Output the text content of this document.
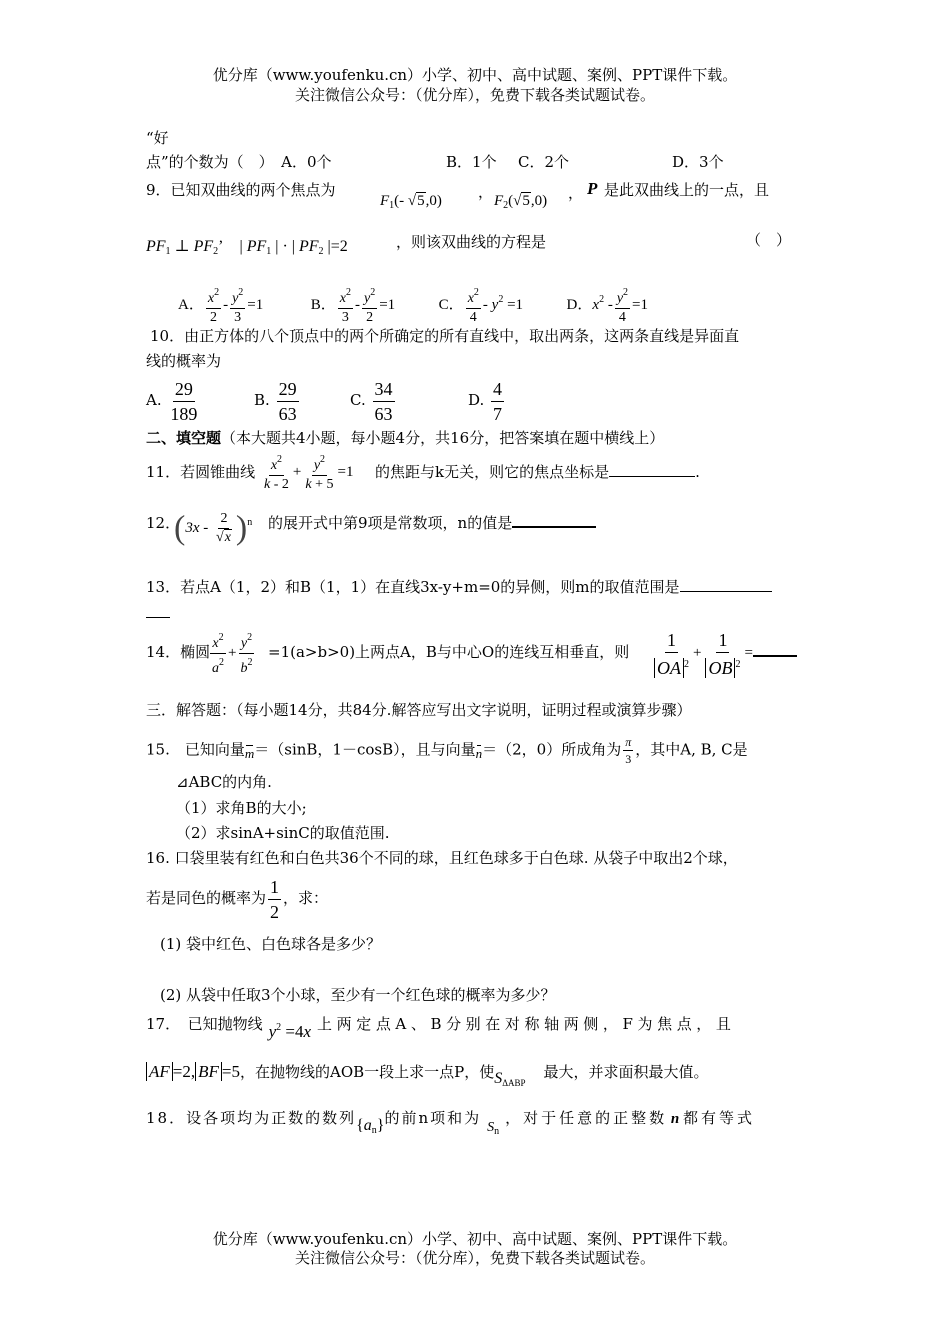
优分库（www.youfenku.cn）小学、初中、高中试题、案例、PPT课件下载。
关注微信公众号：（优分库），免费下载各类试题试卷。
“好
点”的个数为（　）　A．0个	B．1个 C．2个	D．3个
9．已知双曲线的两个焦点为
$F_1(-$ √5,0) ， $F_2(√5,0)$ ， P 是此双曲线上的一点，且
$PF_1$ ⊥ $PF_2$’　 | $PF_1$ | · | $PF_2$ |=2	，则该双曲线的方程是	（　）
A． $\frac{x^2}{2} - \frac{y^2}{3} =1$	B． $\frac{x^2}{3} - \frac{y^2}{2} =1$	C． $\frac{x^2}{4} - y^2 =1$	D．$x^2 - \frac{y^2}{4} =1$
10．由正方体的八个顶点中的两个所确定的所有直线中，取出两条，这两条直线是异面直
线的概率为
A. $\frac{29}{189}$	B. $\frac{29}{63}$	C. $\frac{34}{63}$	D. $\frac{4}{7}$
二、填空题（本大题共4小题，每小题4分，共16分，把答案填在题中横线上）
11．若圆锥曲线 $\frac{x^2}{k - 2} + \frac{y^2}{k + 5} =1$ 的焦距与k无关，则它的焦点坐标是	.
12．
$(3x - \frac{2}{√x} )^n$ 的展开式中第9项是常数项，n的值是
13．若点A（1，2）和B（1，1）在直线3x-y+m=0的异侧，则m的取值范围是
14．椭圆 $\frac{x^2}{a^2} + \frac{y^2}{b^2} =1(a>b>0)$上两点A，B与中心O的连线互相垂直，则 $\frac{1}{OA ^2} + \frac{1}{OB ^2}$ =
三．解答题：（每小题14分，共84分.解答应写出文字说明，证明过程或演算步骤）
15.　已知向量m＝（sinB，1－cosB），且与向量n＝（2，0）所成角为 $\frac{\pi}{3}$ ，其中A, B, C是
⊿ABC的内角.
（1）求角B的大小;
（2）求sinA+sinC的取值范围.
16. 口袋里装有红色和白色共36个不同的球，且红色球多于白色球. 从袋子中取出2个球，
若是同色的概率为 $\frac{1}{2}$ ，求：
(1) 袋中红色、白色球各是多少？
(2) 从袋中任取3个小球，至少有一个红色球的概率为多少？
17．　已知抛物线 $y^2 =4x$ 上两定点A、B分别在对称轴两侧，F为焦点，且
AF =2, BF =5，在抛物线的AOB一段上求一点P，使$S_{\Delta ABP}$最大，并求面积最大值。
18．设各项均为正数的数列$\{a_n\}$的前n项和为$S_n$，对于任意的正整数 n 都有等式
优分库（www.youfenku.cn）小学、初中、高中试题、案例、PPT课件下载。
关注微信公众号：（优分库），免费下载各类试题试卷。
